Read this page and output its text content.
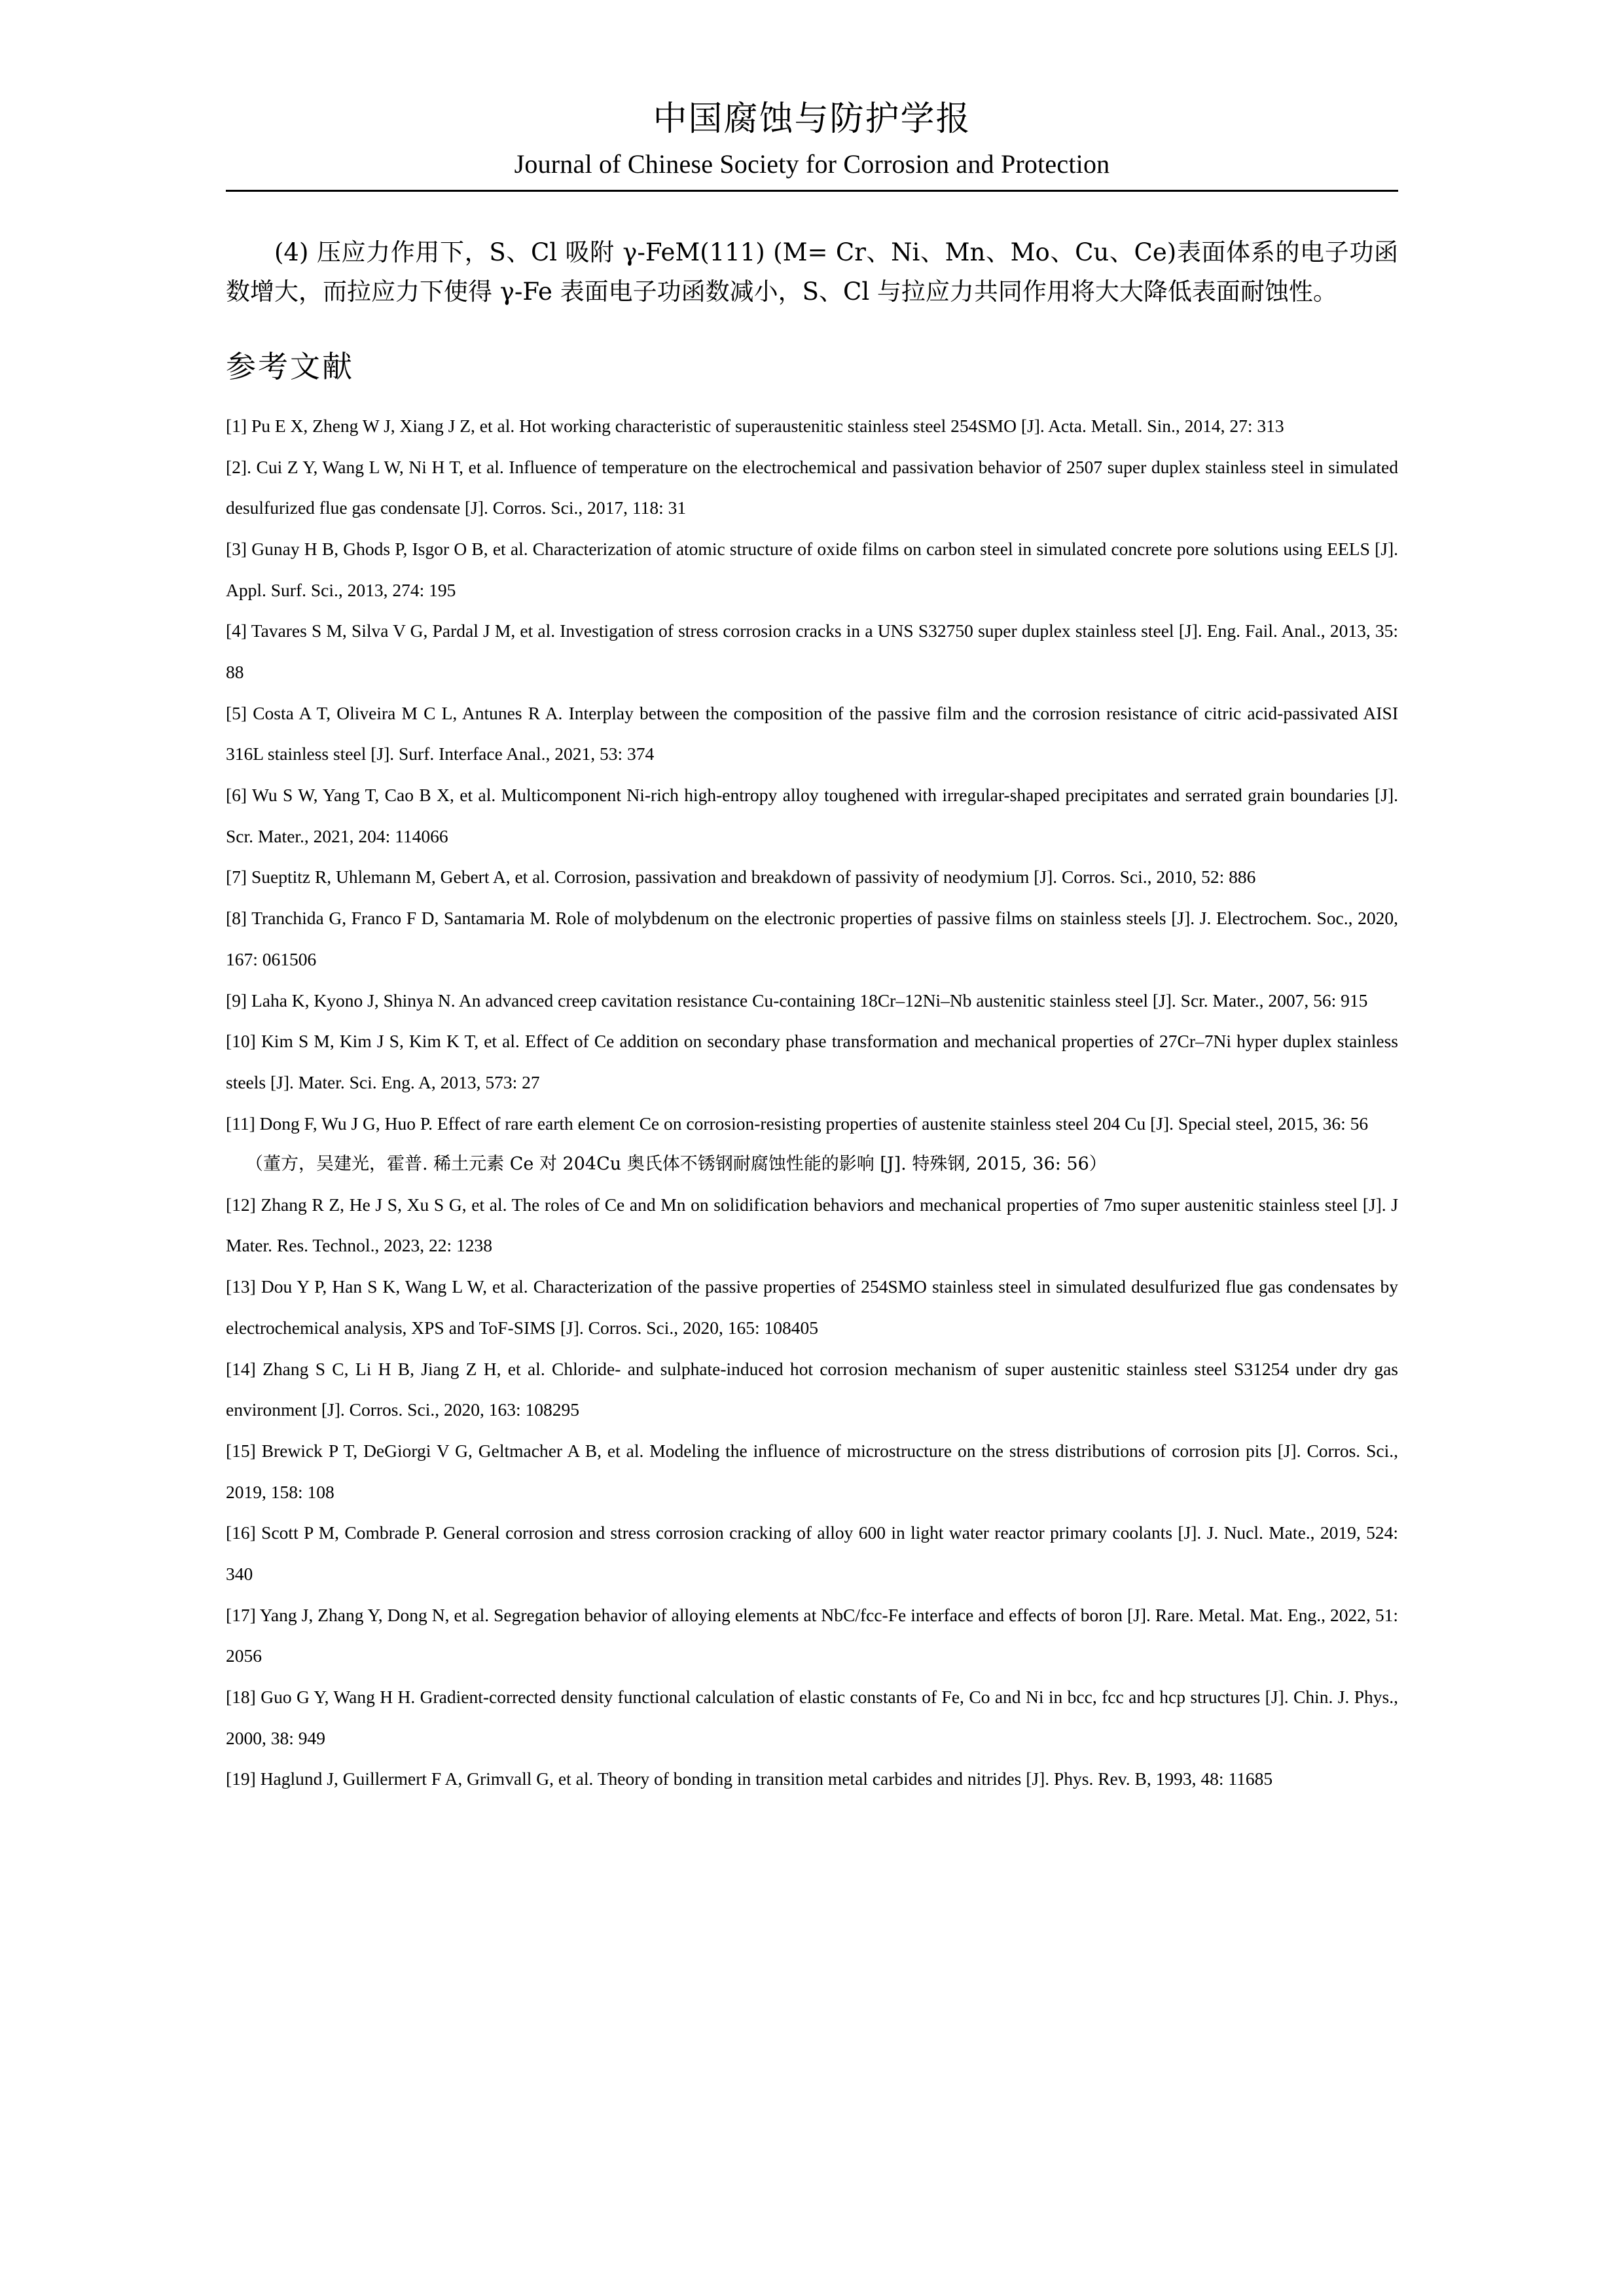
中国腐蚀与防护学报
Journal of Chinese Society for Corrosion and Protection

(4) 压应力作用下，S、Cl 吸附 γ-FeM(111) (M= Cr、Ni、Mn、Mo、Cu、Ce)表面体系的电子功函数增大，而拉应力下使得 γ-Fe 表面电子功函数减小，S、Cl 与拉应力共同作用将大大降低表面耐蚀性。

参考文献
[1] Pu E X, Zheng W J, Xiang J Z, et al. Hot working characteristic of superaustenitic stainless steel 254SMO [J]. Acta. Metall. Sin., 2014, 27: 313
[2]. Cui Z Y, Wang L W, Ni H T, et al. Influence of temperature on the electrochemical and passivation behavior of 2507 super duplex stainless steel in simulated desulfurized flue gas condensate [J]. Corros. Sci., 2017, 118: 31
[3] Gunay H B, Ghods P, Isgor O B, et al. Characterization of atomic structure of oxide films on carbon steel in simulated concrete pore solutions using EELS [J]. Appl. Surf. Sci., 2013, 274: 195
[4] Tavares S M, Silva V G, Pardal J M, et al. Investigation of stress corrosion cracks in a UNS S32750 super duplex stainless steel [J]. Eng. Fail. Anal., 2013, 35: 88
[5] Costa A T, Oliveira M C L, Antunes R A. Interplay between the composition of the passive film and the corrosion resistance of citric acid-passivated AISI 316L stainless steel [J]. Surf. Interface Anal., 2021, 53: 374
[6] Wu S W, Yang T, Cao B X, et al. Multicomponent Ni-rich high-entropy alloy toughened with irregular-shaped precipitates and serrated grain boundaries [J]. Scr. Mater., 2021, 204: 114066
[7] Sueptitz R, Uhlemann M, Gebert A, et al. Corrosion, passivation and breakdown of passivity of neodymium [J]. Corros. Sci., 2010, 52: 886
[8] Tranchida G, Franco F D, Santamaria M. Role of molybdenum on the electronic properties of passive films on stainless steels [J]. J. Electrochem. Soc., 2020, 167: 061506
[9] Laha K, Kyono J, Shinya N. An advanced creep cavitation resistance Cu-containing 18Cr–12Ni–Nb austenitic stainless steel [J]. Scr. Mater., 2007, 56: 915
[10] Kim S M, Kim J S, Kim K T, et al. Effect of Ce addition on secondary phase transformation and mechanical properties of 27Cr–7Ni hyper duplex stainless steels [J]. Mater. Sci. Eng. A, 2013, 573: 27
[11] Dong F, Wu J G, Huo P. Effect of rare earth element Ce on corrosion-resisting properties of austenite stainless steel 204 Cu [J]. Special steel, 2015, 36: 56
（董方，吴建光，霍普. 稀土元素 Ce 对 204Cu 奥氏体不锈钢耐腐蚀性能的影响 [J]. 特殊钢, 2015, 36: 56）
[12] Zhang R Z, He J S, Xu S G, et al. The roles of Ce and Mn on solidification behaviors and mechanical properties of 7mo super austenitic stainless steel [J]. J Mater. Res. Technol., 2023, 22: 1238
[13] Dou Y P, Han S K, Wang L W, et al. Characterization of the passive properties of 254SMO stainless steel in simulated desulfurized flue gas condensates by electrochemical analysis, XPS and ToF-SIMS [J]. Corros. Sci., 2020, 165: 108405
[14] Zhang S C, Li H B, Jiang Z H, et al. Chloride- and sulphate-induced hot corrosion mechanism of super austenitic stainless steel S31254 under dry gas environment [J]. Corros. Sci., 2020, 163: 108295
[15] Brewick P T, DeGiorgi V G, Geltmacher A B, et al. Modeling the influence of microstructure on the stress distributions of corrosion pits [J]. Corros. Sci., 2019, 158: 108
[16] Scott P M, Combrade P. General corrosion and stress corrosion cracking of alloy 600 in light water reactor primary coolants [J]. J. Nucl. Mate., 2019, 524: 340
[17] Yang J, Zhang Y, Dong N, et al. Segregation behavior of alloying elements at NbC/fcc-Fe interface and effects of boron [J]. Rare. Metal. Mat. Eng., 2022, 51: 2056
[18] Guo G Y, Wang H H. Gradient-corrected density functional calculation of elastic constants of Fe, Co and Ni in bcc, fcc and hcp structures [J]. Chin. J. Phys., 2000, 38: 949
[19] Haglund J, Guillermert F A, Grimvall G, et al. Theory of bonding in transition metal carbides and nitrides [J]. Phys. Rev. B, 1993, 48: 11685
